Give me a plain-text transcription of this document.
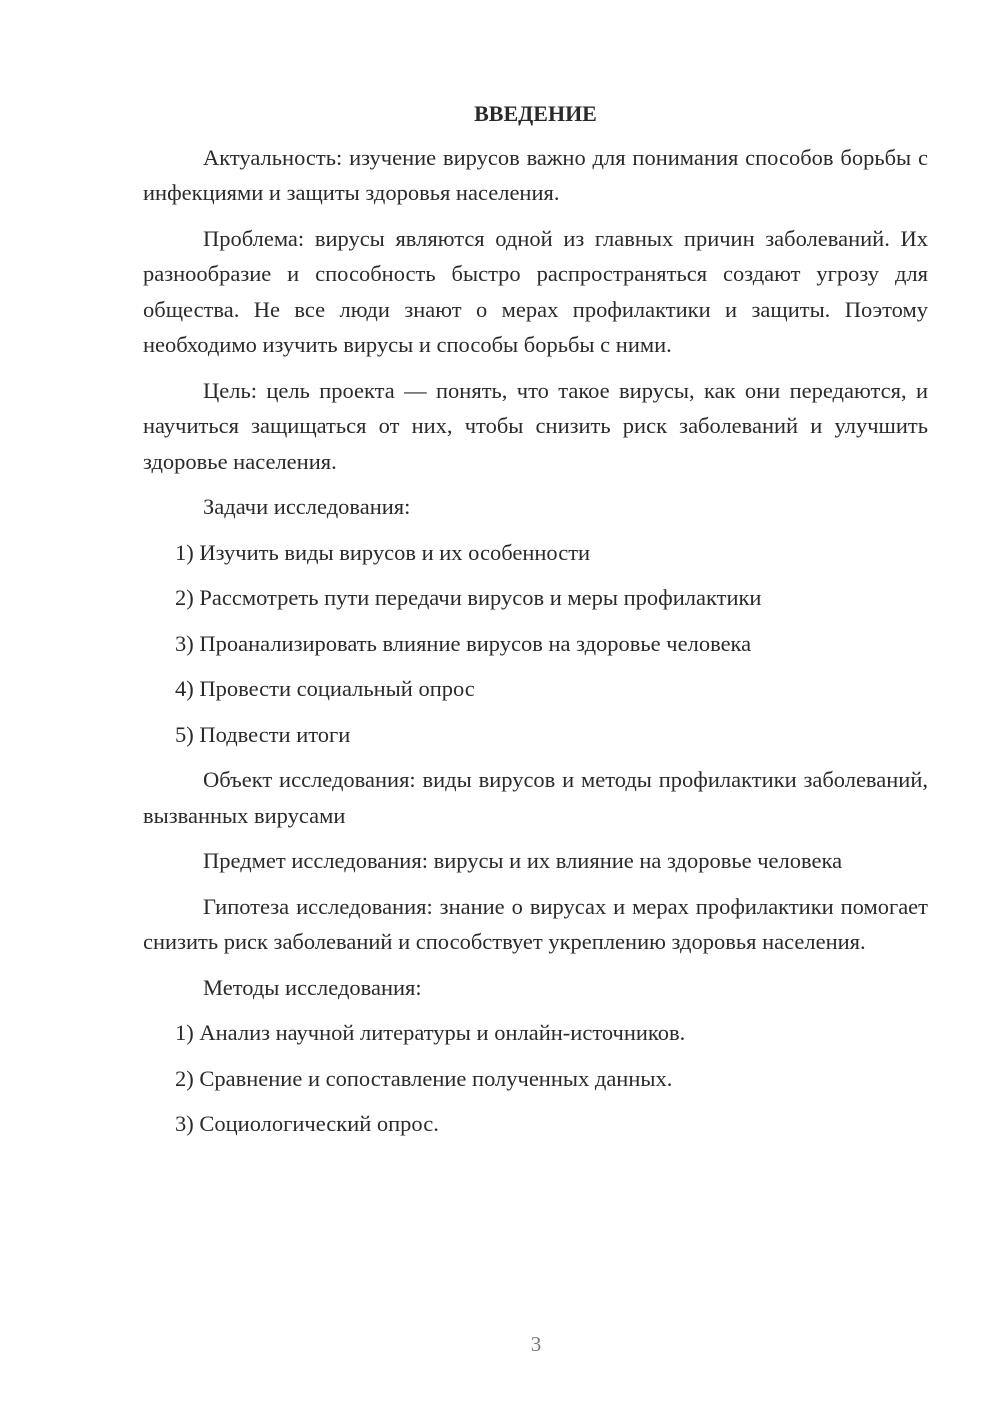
ВВЕДЕНИЕ

Актуальность: изучение вирусов важно для понимания способов борьбы с инфекциями и защиты здоровья населения.

Проблема: вирусы являются одной из главных причин заболеваний. Их разнообразие и способность быстро распространяться создают угрозу для общества. Не все люди знают о мерах профилактики и защиты. Поэтому необходимо изучить вирусы и способы борьбы с ними.

Цель: цель проекта — понять, что такое вирусы, как они передаются, и научиться защищаться от них, чтобы снизить риск заболеваний и улучшить здоровье населения.

Задачи исследования:

1) Изучить виды вирусов и их особенности
2) Рассмотреть пути передачи вирусов и меры профилактики
3) Проанализировать влияние вирусов на здоровье человека
4) Провести социальный опрос
5) Подвести итоги

Объект исследования: виды вирусов и методы профилактики заболеваний, вызванных вирусами

Предмет исследования: вирусы и их влияние на здоровье человека

Гипотеза исследования: знание о вирусах и мерах профилактики помогает снизить риск заболеваний и способствует укреплению здоровья населения.

Методы исследования:

1) Анализ научной литературы и онлайн-источников.
2) Сравнение и сопоставление полученных данных.
3) Социологический опрос.
3
